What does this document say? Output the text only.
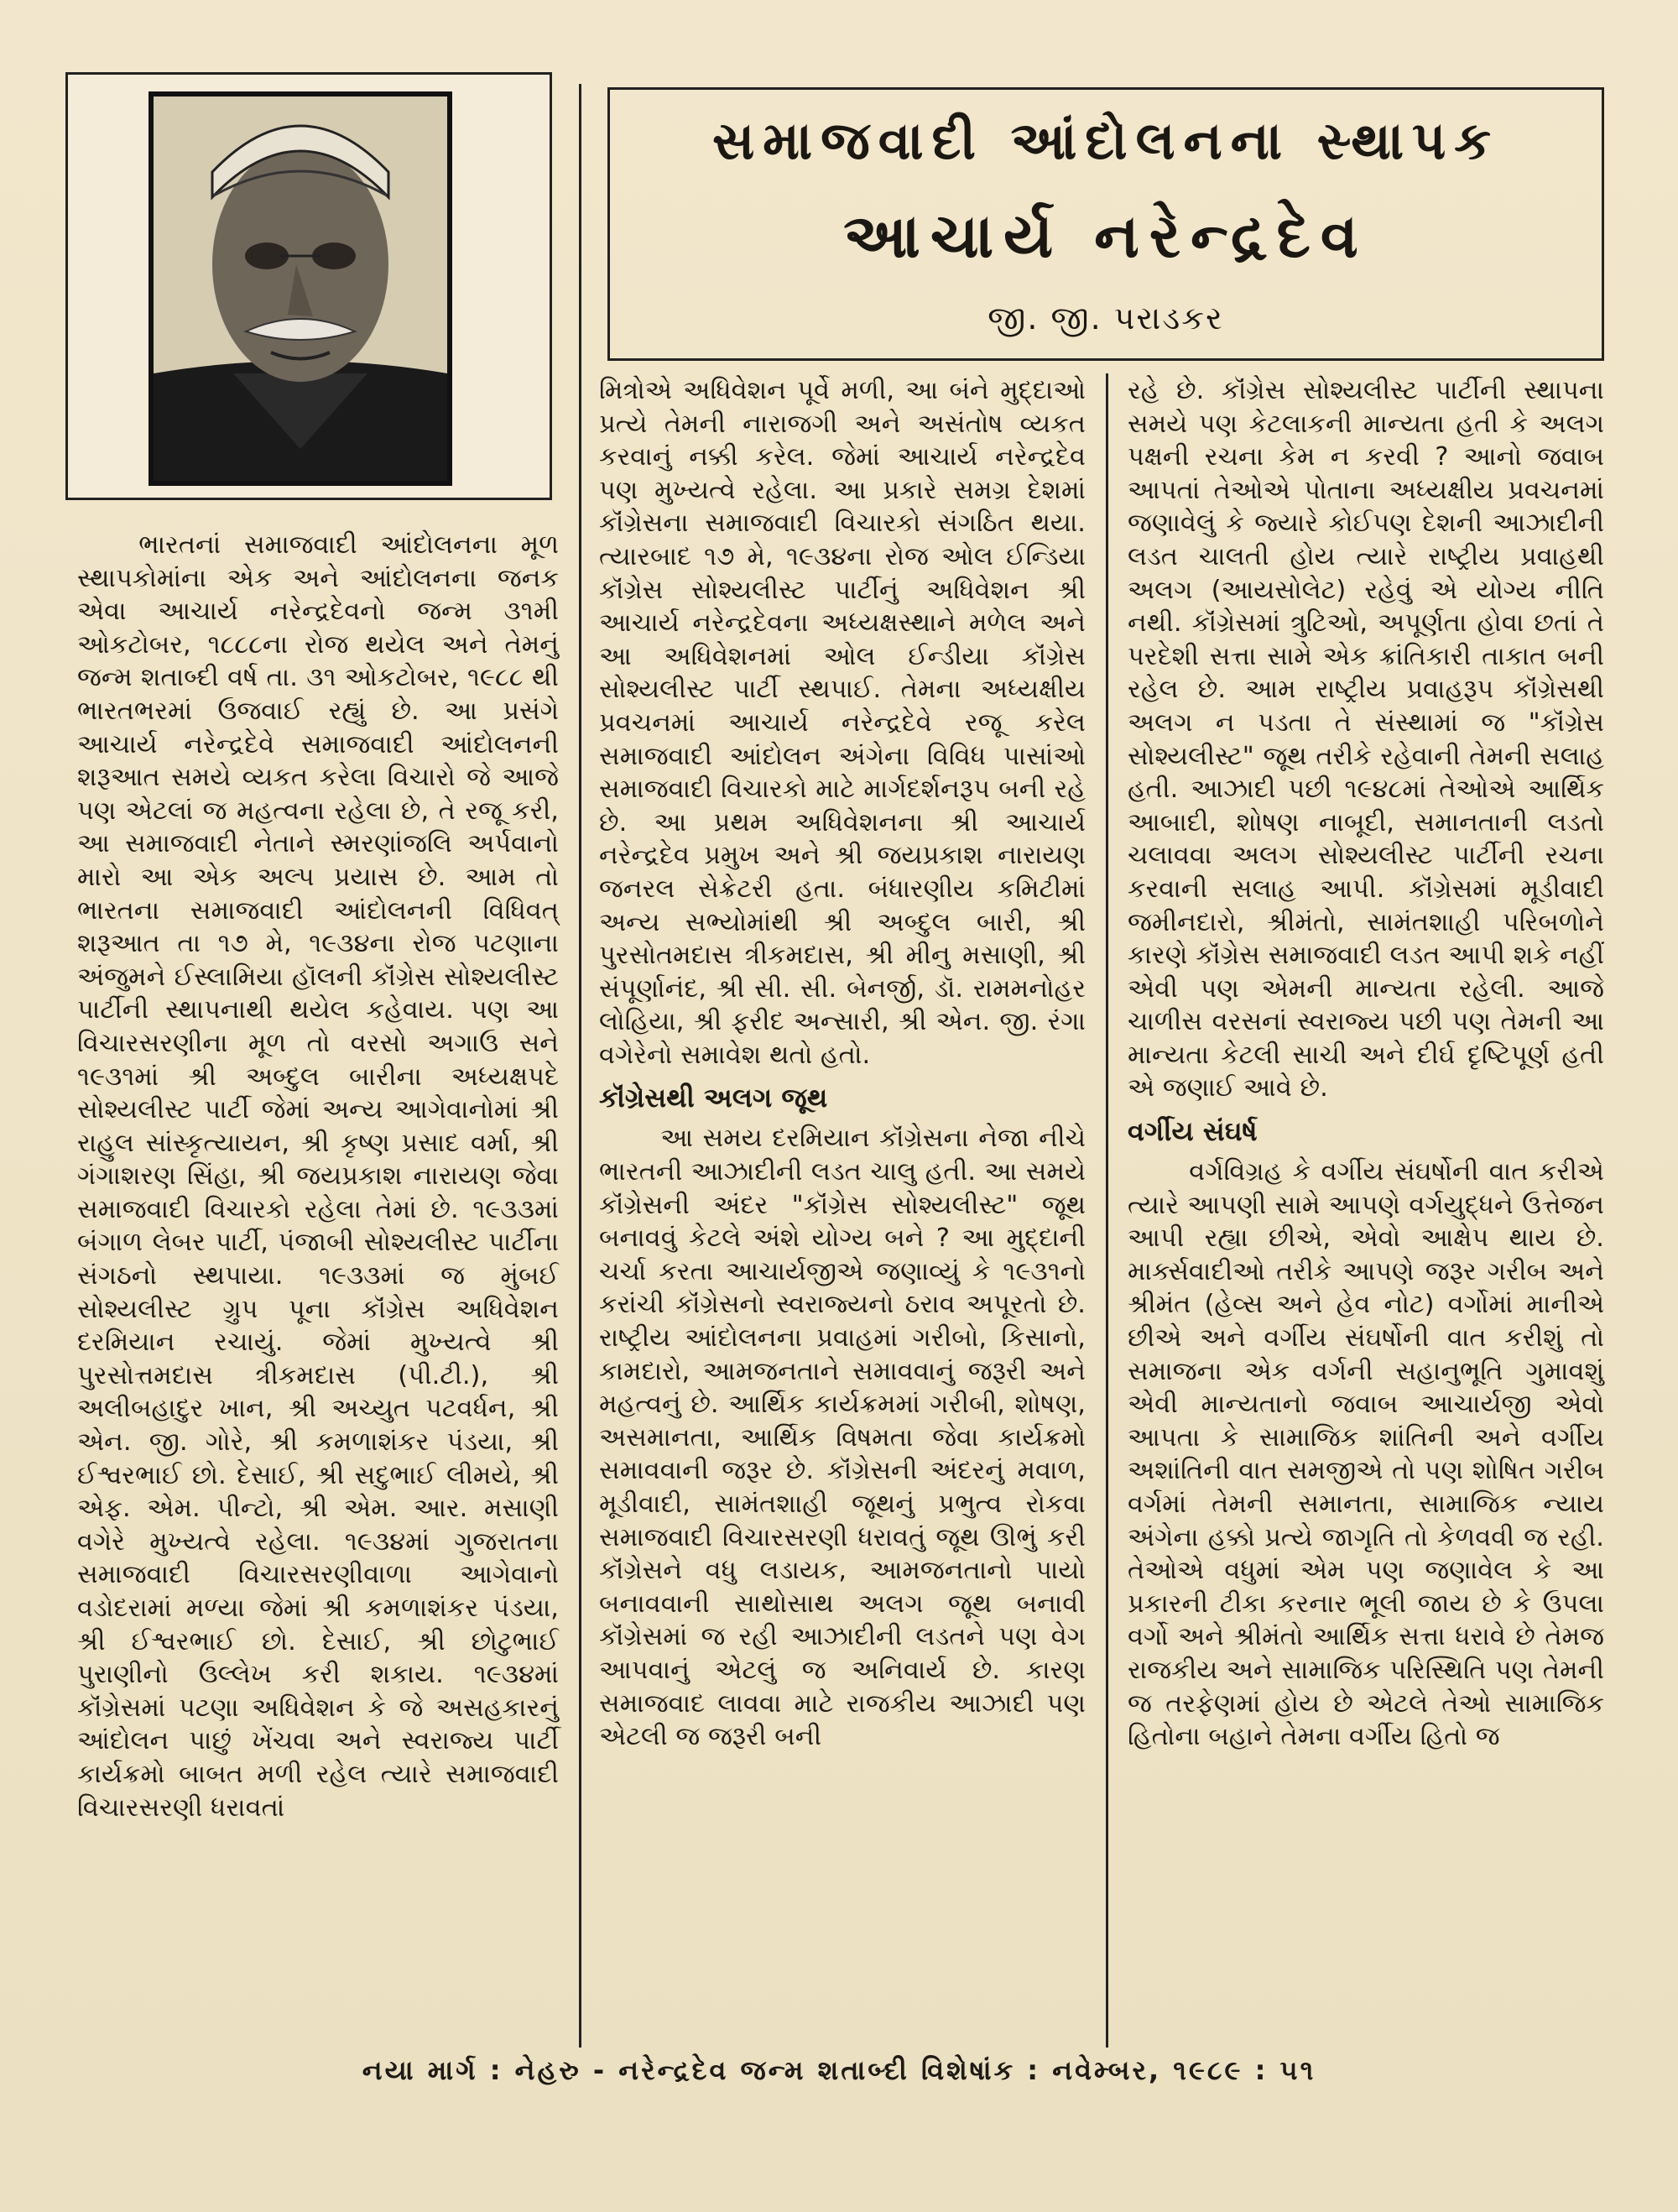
સમાજવાદી આંદોલનના સ્થાપક
આચાર્ય નરેન્દ્રદેવ
જી. જી. પરાડકર

ભારતનાં સમાજવાદી આંદોલનના મૂળ સ્થાપકોમાંના એક અને આંદોલનના જનક એવા આચાર્ય નરેન્દ્રદેવનો જન્મ ૩૧મી ઓકટોબર, ૧૮૮૮ના રોજ થયેલ અને તેમનું જન્મ શતાબ્દી વર્ષ તા. ૩૧ ઓકટોબર, ૧૯૮૮ થી ભારતભરમાં ઉજવાઈ રહ્યું છે. આ પ્રસંગે આચાર્ય નરેન્દ્રદેવે સમાજવાદી આંદોલનની શરૂઆત સમયે વ્યકત કરેલા વિચારો જે આજે પણ એટલાં જ મહત્વના રહેલા છે, તે રજૂ કરી, આ સમાજવાદી નેતાને સ્મરણાંજલિ અર્પવાનો મારો આ એક અલ્પ પ્રયાસ છે. આમ તો ભારતના સમાજવાદી આંદોલનની વિધિવત્ શરૂઆત તા ૧૭ મે, ૧૯૩૪ના રોજ પટણાના અંજુમને ઈસ્લામિયા હૉલની કૉંગ્રેસ સોશ્યલીસ્ટ પાર્ટીની સ્થાપનાથી થયેલ કહેવાય. પણ આ વિચારસરણીના મૂળ તો વરસો અગાઉ સને ૧૯૩૧માં શ્રી અબ્દુલ બારીના અધ્યક્ષપદે સોશ્યલીસ્ટ પાર્ટી જેમાં અન્ય આગેવાનોમાં શ્રી રાહુલ સાંસ્કૃત્યાયન, શ્રી કૃષ્ણ પ્રસાદ વર્મા, શ્રી ગંગાશરણ સિંહા, શ્રી જયપ્રકાશ નારાયણ જેવા સમાજવાદી વિચારકો રહેલા તેમાં છે. ૧૯૩૩માં બંગાળ લેબર પાર્ટી, પંજાબી સોશ્યલીસ્ટ પાર્ટીના સંગઠનો સ્થપાયા. ૧૯૩૩માં જ મુંબઈ સોશ્યલીસ્ટ ગ્રુપ પૂના કૉંગ્રેસ અધિવેશન દરમિયાન રચાયું. જેમાં મુખ્યત્વે શ્રી પુરસોત્તમદાસ ત્રીકમદાસ (પી.ટી.), શ્રી અલીબહાદુર ખાન, શ્રી અચ્યુત પટવર્ધન, શ્રી એન. જી. ગોરે, શ્રી કમળાશંકર પંડયા, શ્રી ઈશ્વરભાઈ છો. દેસાઈ, શ્રી સદુભાઈ લીમયે, શ્રી એફ. એમ. પીન્ટો, શ્રી એમ. આર. મસાણી વગેરે મુખ્યત્વે રહેલા. ૧૯૩૪માં ગુજરાતના સમાજવાદી વિચારસરણીવાળા આગેવાનો વડોદરામાં મળ્યા જેમાં શ્રી કમળાશંકર પંડયા, શ્રી ઈશ્વરભાઈ છો. દેસાઈ, શ્રી છોટુભાઈ પુરાણીનો ઉલ્લેખ કરી શકાય. ૧૯૩૪માં કૉંગ્રેસમાં પટણા અધિવેશન કે જે અસહકારનું આંદોલન પાછું ખેંચવા અને સ્વરાજ્ય પાર્ટી કાર્યક્રમો બાબત મળી રહેલ ત્યારે સમાજવાદી વિચારસરણી ધરાવતાં

મિત્રોએ અધિવેશન પૂર્વે મળી, આ બંને મુદ્દાઓ પ્રત્યે તેમની નારાજગી અને અસંતોષ વ્યકત કરવાનું નક્કી કરેલ. જેમાં આચાર્ય નરેન્દ્રદેવ પણ મુખ્યત્વે રહેલા. આ પ્રકારે સમગ્ર દેશમાં કૉંગ્રેસના સમાજવાદી વિચારકો સંગઠિત થયા. ત્યારબાદ ૧૭ મે, ૧૯૩૪ના રોજ ઓલ ઈન્ડિયા કૉંગ્રેસ સોશ્યલીસ્ટ પાર્ટીનું અધિવેશન શ્રી આચાર્ય નરેન્દ્રદેવના અધ્યક્ષસ્થાને મળેલ અને આ અધિવેશનમાં ઓલ ઈન્ડીયા કૉંગ્રેસ સોશ્યલીસ્ટ પાર્ટી સ્થપાઈ. તેમના અધ્યક્ષીય પ્રવચનમાં આચાર્ય નરેન્દ્રદેવે રજૂ કરેલ સમાજવાદી આંદોલન અંગેના વિવિધ પાસાંઓ સમાજવાદી વિચારકો માટે માર્ગદર્શનરૂપ બની રહે છે. આ પ્રથમ અધિવેશનના શ્રી આચાર્ય નરેન્દ્રદેવ પ્રમુખ અને શ્રી જયપ્રકાશ નારાયણ જનરલ સેક્રેટરી હતા. બંધારણીય કમિટીમાં અન્ય સભ્યોમાંથી શ્રી અબ્દુલ બારી, શ્રી પુરસોતમદાસ ત્રીકમદાસ, શ્રી મીનુ મસાણી, શ્રી સંપૂર્ણાનંદ, શ્રી સી. સી. બેનર્જી, ડૉ. રામમનોહર લોહિયા, શ્રી ફરીદ અન્સારી, શ્રી એન. જી. રંગા વગેરેનો સમાવેશ થતો હતો.

કૉંગ્રેસથી અલગ જૂથ

આ સમય દરમિયાન કૉંગ્રેસના નેજા નીચે ભારતની આઝાદીની લડત ચાલુ હતી. આ સમયે કૉંગ્રેસની અંદર "કૉંગ્રેસ સોશ્યલીસ્ટ" જૂથ બનાવવું કેટલે અંશે યોગ્ય બને ? આ મુદ્દાની ચર્ચા કરતા આચાર્યજીએ જણાવ્યું કે ૧૯૩૧નો કરાંચી કૉંગ્રેસનો સ્વરાજ્યનો ઠરાવ અપૂરતો છે. રાષ્ટ્રીય આંદોલનના પ્રવાહમાં ગરીબો, કિસાનો, કામદારો, આમજનતાને સમાવવાનું જરૂરી અને મહત્વનું છે. આર્થિક કાર્યક્રમમાં ગરીબી, શોષણ, અસમાનતા, આર્થિક વિષમતા જેવા કાર્યક્રમો સમાવવાની જરૂર છે. કૉંગ્રેસની અંદરનું મવાળ, મૂડીવાદી, સામંતશાહી જૂથનું પ્રભુત્વ રોકવા સમાજવાદી વિચારસરણી ધરાવતું જૂથ ઊભું કરી કૉંગ્રેસને વધુ લડાયક, આમજનતાનો પાયો બનાવવાની સાથોસાથ અલગ જૂથ બનાવી કૉંગ્રેસમાં જ રહી આઝાદીની લડતને પણ વેગ આપવાનું એટલું જ અનિવાર્ય છે. કારણ સમાજવાદ લાવવા માટે રાજકીય આઝાદી પણ એટલી જ જરૂરી બની

રહે છે. કૉંગ્રેસ સોશ્યલીસ્ટ પાર્ટીની સ્થાપના સમયે પણ કેટલાકની માન્યતા હતી કે અલગ પક્ષની રચના કેમ ન કરવી ? આનો જવાબ આપતાં તેઓએ પોતાના અધ્યક્ષીય પ્રવચનમાં જણાવેલું કે જ્યારે કોઈપણ દેશની આઝાદીની લડત ચાલતી હોય ત્યારે રાષ્ટ્રીય પ્રવાહથી અલગ (આયસોલેટ) રહેવું એ યોગ્ય નીતિ નથી. કૉંગ્રેસમાં ત્રુટિઓ, અપૂર્ણતા હોવા છતાં તે પરદેશી સત્તા સામે એક ક્રાંતિકારી તાકાત બની રહેલ છે. આમ રાષ્ટ્રીય પ્રવાહરૂપ કૉંગ્રેસથી અલગ ન પડતા તે સંસ્થામાં જ "કૉંગ્રેસ સોશ્યલીસ્ટ" જૂથ તરીકે રહેવાની તેમની સલાહ હતી. આઝાદી પછી ૧૯૪૮માં તેઓએ આર્થિક આબાદી, શોષણ નાબૂદી, સમાનતાની લડતો ચલાવવા અલગ સોશ્યલીસ્ટ પાર્ટીની રચના કરવાની સલાહ આપી. કૉંગ્રેસમાં મૂડીવાદી જમીનદારો, શ્રીમંતો, સામંતશાહી પરિબળોને કારણે કૉંગ્રેસ સમાજવાદી લડત આપી શકે નહીં એવી પણ એમની માન્યતા રહેલી. આજે ચાળીસ વરસનાં સ્વરાજ્ય પછી પણ તેમની આ માન્યતા કેટલી સાચી અને દીર્ઘ દૃષ્ટિપૂર્ણ હતી એ જણાઈ આવે છે.

વર્ગીય સંઘર્ષ

વર્ગવિગ્રહ કે વર્ગીય સંઘર્ષોની વાત કરીએ ત્યારે આપણી સામે આપણે વર્ગયુદ્ધને ઉત્તેજન આપી રહ્યા છીએ, એવો આક્ષેપ થાય છે. માર્ક્સવાદીઓ તરીકે આપણે જરૂર ગરીબ અને શ્રીમંત (હેવ્સ અને હેવ નોટ) વર્ગોમાં માનીએ છીએ અને વર્ગીય સંઘર્ષોની વાત કરીશું તો સમાજના એક વર્ગની સહાનુભૂતિ ગુમાવશું એવી માન્યતાનો જવાબ આચાર્યજી એવો આપતા કે સામાજિક શાંતિની અને વર્ગીય અશાંતિની વાત સમજીએ તો પણ શોષિત ગરીબ વર્ગમાં તેમની સમાનતા, સામાજિક ન્યાય અંગેના હક્કો પ્રત્યે જાગૃતિ તો કેળવવી જ રહી. તેઓએ વધુમાં એમ પણ જણાવેલ કે આ પ્રકારની ટીકા કરનાર ભૂલી જાય છે કે ઉપલા વર્ગો અને શ્રીમંતો આર્થિક સત્તા ધરાવે છે તેમજ રાજકીય અને સામાજિક પરિસ્થિતિ પણ તેમની જ તરફેણમાં હોય છે એટલે તેઓ સામાજિક હિતોના બહાને તેમના વર્ગીય હિતો જ

નયા માર્ગ : નેહરુ - નરેન્દ્રદેવ જન્મ શતાબ્દી વિશેષાંક : નવેમ્બર, ૧૯૮૯ : ૫૧
